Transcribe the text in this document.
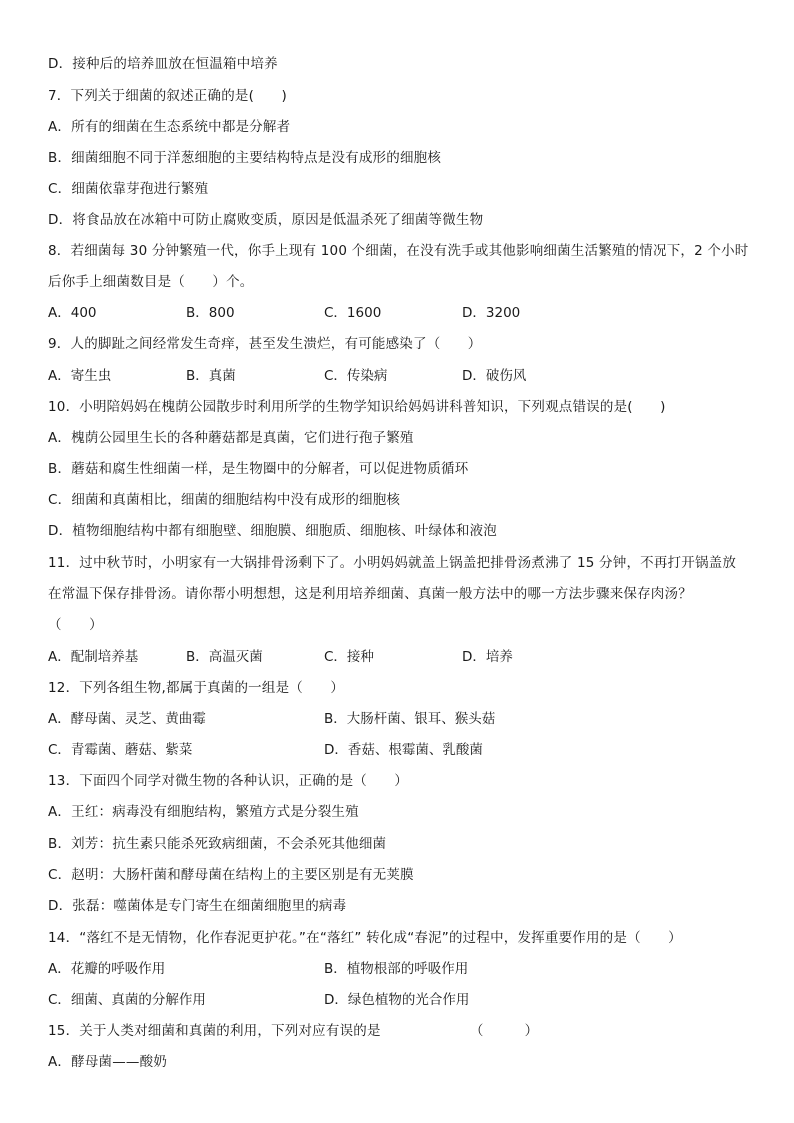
D．接种后的培养皿放在恒温箱中培养
7．下列关于细菌的叙述正确的是(　　)
A．所有的细菌在生态系统中都是分解者
B．细菌细胞不同于洋葱细胞的主要结构特点是没有成形的细胞核
C．细菌依靠芽孢进行繁殖
D．将食品放在冰箱中可防止腐败变质，原因是低温杀死了细菌等微生物
8．若细菌每 30 分钟繁殖一代，你手上现有 100 个细菌，在没有洗手或其他影响细菌生活繁殖的情况下，2 个小时
后你手上细菌数目是（　　）个。
A．400	B．800	C．1600	D．3200
9．人的脚趾之间经常发生奇痒，甚至发生溃烂，有可能感染了（　　）
A．寄生虫	B．真菌	C．传染病	D．破伤风
10．小明陪妈妈在槐荫公园散步时利用所学的生物学知识给妈妈讲科普知识，下列观点错误的是(　　)
A．槐荫公园里生长的各种蘑菇都是真菌，它们进行孢子繁殖
B．蘑菇和腐生性细菌一样，是生物圈中的分解者，可以促进物质循环
C．细菌和真菌相比，细菌的细胞结构中没有成形的细胞核
D．植物细胞结构中都有细胞壁、细胞膜、细胞质、细胞核、叶绿体和液泡
11．过中秋节时，小明家有一大锅排骨汤剩下了。小明妈妈就盖上锅盖把排骨汤煮沸了 15 分钟，不再打开锅盖放
在常温下保存排骨汤。请你帮小明想想，这是利用培养细菌、真菌一般方法中的哪一方法步骤来保存肉汤？
（　　）
A．配制培养基	B．高温灭菌	C．接种	D．培养
12．下列各组生物,都属于真菌的一组是（　　）
A．酵母菌、灵芝、黄曲霉	B．大肠杆菌、银耳、猴头菇
C．青霉菌、蘑菇、紫菜	D．香菇、根霉菌、乳酸菌
13．下面四个同学对微生物的各种认识，正确的是（　　）
A．王红：病毒没有细胞结构，繁殖方式是分裂生殖
B．刘芳：抗生素只能杀死致病细菌，不会杀死其他细菌
C．赵明：大肠杆菌和酵母菌在结构上的主要区别是有无荚膜
D．张磊：噬菌体是专门寄生在细菌细胞里的病毒
14．“落红不是无情物，化作春泥更护花。”在“落红” 转化成“春泥”的过程中，发挥重要作用的是（　　）
A．花瓣的呼吸作用	B．植物根部的呼吸作用
C．细菌、真菌的分解作用	D．绿色植物的光合作用
15．关于人类对细菌和真菌的利用，下列对应有误的是　　　　　　　（　　　）
A．酵母菌——酸奶
